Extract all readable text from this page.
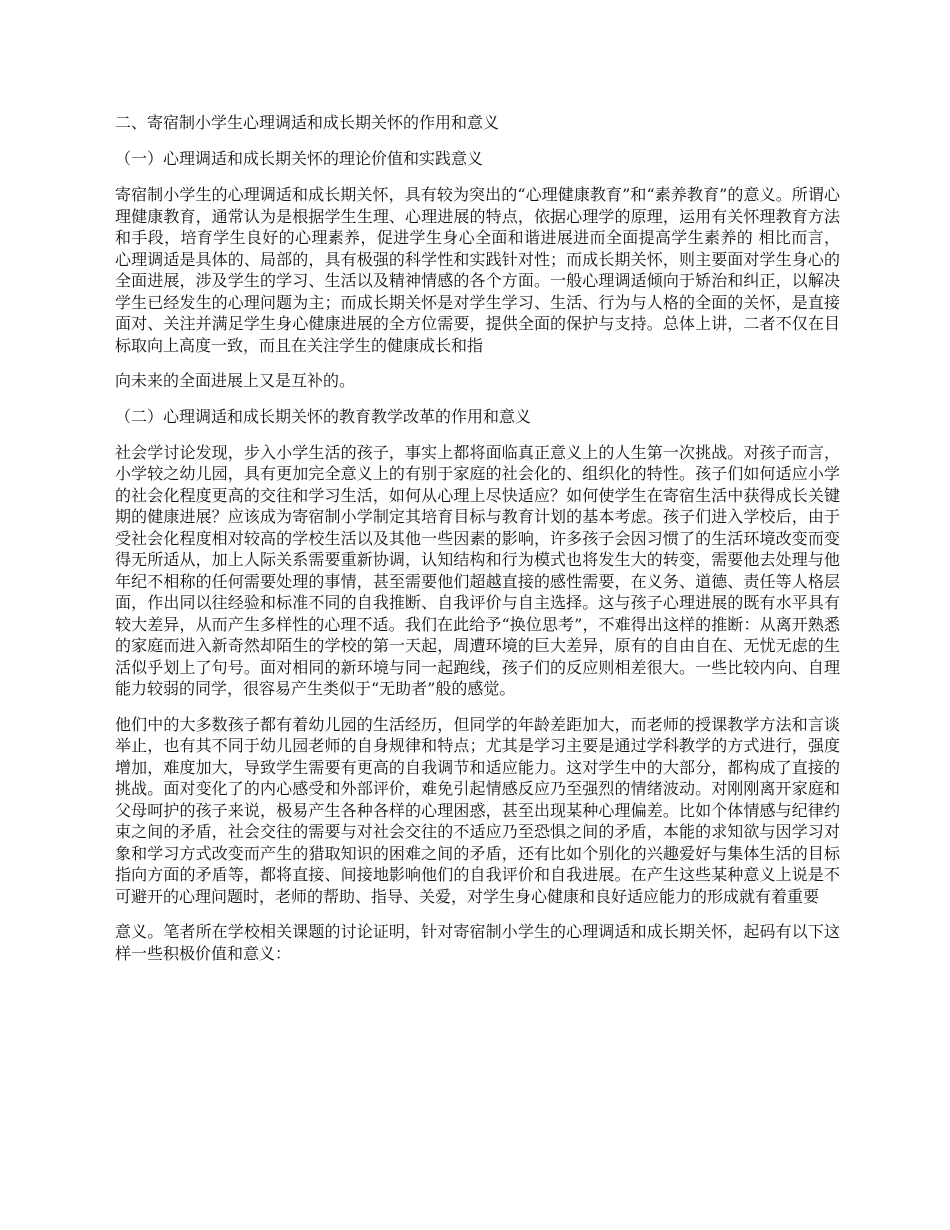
二、寄宿制小学生心理调适和成长期关怀的作用和意义
（一）心理调适和成长期关怀的理论价值和实践意义
寄宿制小学生的心理调适和成长期关怀，具有较为突出的“心理健康教育”和“素养教育”的意义。所谓心理健康教育，通常认为是根据学生生理、心理进展的特点，依据心理学的原理，运用有关怀理教育方法和手段，培育学生良好的心理素养，促进学生身心全面和谐进展进而全面提高学生素养的 相比而言，心理调适是具体的、局部的，具有极强的科学性和实践针对性；而成长期关怀，则主要面对学生身心的全面进展，涉及学生的学习、生活以及精神情感的各个方面。一般心理调适倾向于矫治和纠正，以解决学生已经发生的心理问题为主；而成长期关怀是对学生学习、生活、行为与人格的全面的关怀，是直接面对、关注并满足学生身心健康进展的全方位需要，提供全面的保护与支持。总体上讲，二者不仅在目标取向上高度一致，而且在关注学生的健康成长和指
向未来的全面进展上又是互补的。
（二）心理调适和成长期关怀的教育教学改革的作用和意义
社会学讨论发现，步入小学生活的孩子，事实上都将面临真正意义上的人生第一次挑战。对孩子而言，小学较之幼儿园，具有更加完全意义上的有别于家庭的社会化的、组织化的特性。孩子们如何适应小学的社会化程度更高的交往和学习生活，如何从心理上尽快适应？如何使学生在寄宿生活中获得成长关键期的健康进展？应该成为寄宿制小学制定其培育目标与教育计划的基本考虑。孩子们进入学校后，由于受社会化程度相对较高的学校生活以及其他一些因素的影响，许多孩子会因习惯了的生活环境改变而变得无所适从，加上人际关系需要重新协调，认知结构和行为模式也将发生大的转变，需要他去处理与他年纪不相称的任何需要处理的事情，甚至需要他们超越直接的感性需要，在义务、道德、责任等人格层面，作出同以往经验和标准不同的自我推断、自我评价与自主选择。这与孩子心理进展的既有水平具有较大差异，从而产生多样性的心理不适。我们在此给予“换位思考”，不难得出这样的推断：从离开熟悉的家庭而进入新奇然却陌生的学校的第一天起，周遭环境的巨大差异，原有的自由自在、无忧无虑的生活似乎划上了句号。面对相同的新环境与同一起跑线，孩子们的反应则相差很大。一些比较内向、自理能力较弱的同学，很容易产生类似于“无助者”般的感觉。
他们中的大多数孩子都有着幼儿园的生活经历，但同学的年龄差距加大，而老师的授课教学方法和言谈举止，也有其不同于幼儿园老师的自身规律和特点；尤其是学习主要是通过学科教学的方式进行，强度增加，难度加大，导致学生需要有更高的自我调节和适应能力。这对学生中的大部分，都构成了直接的挑战。面对变化了的内心感受和外部评价，难免引起情感反应乃至强烈的情绪波动。对刚刚离开家庭和父母呵护的孩子来说，极易产生各种各样的心理困惑，甚至出现某种心理偏差。比如个体情感与纪律约束之间的矛盾，社会交往的需要与对社会交往的不适应乃至恐惧之间的矛盾，本能的求知欲与因学习对象和学习方式改变而产生的猎取知识的困难之间的矛盾，还有比如个别化的兴趣爱好与集体生活的目标指向方面的矛盾等，都将直接、间接地影响他们的自我评价和自我进展。在产生这些某种意义上说是不可避开的心理问题时，老师的帮助、指导、关爱，对学生身心健康和良好适应能力的形成就有着重要
意义。笔者所在学校相关课题的讨论证明，针对寄宿制小学生的心理调适和成长期关怀，起码有以下这样一些积极价值和意义：
